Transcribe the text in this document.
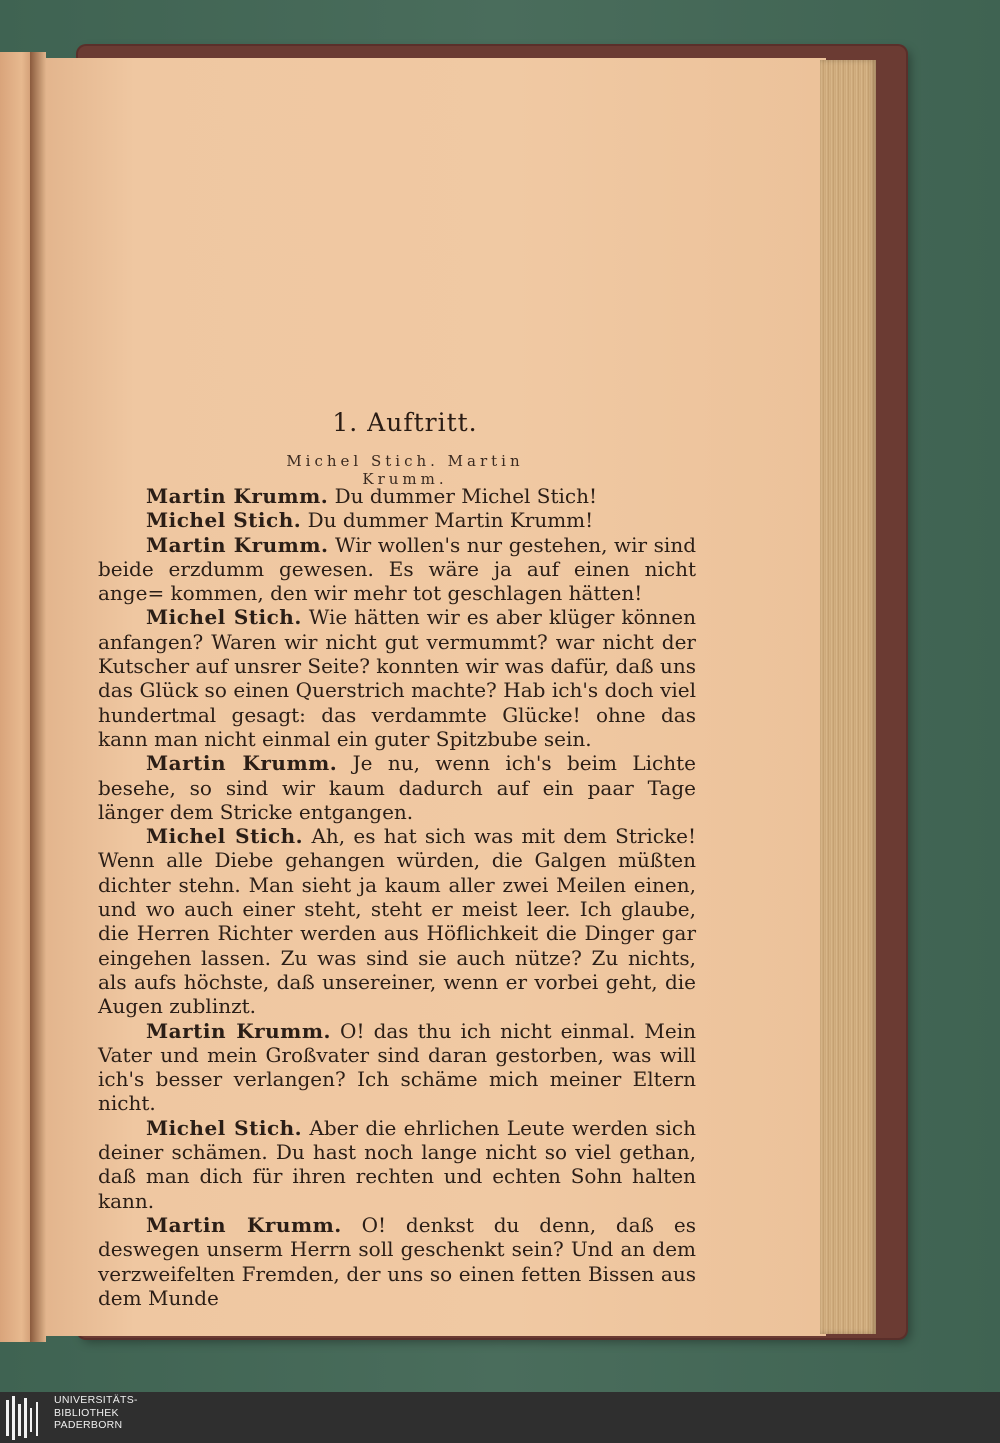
1. Auftritt.
Michel Stich. Martin Krumm.

Martin Krumm. Du dummer Michel Stich!

Michel Stich. Du dummer Martin Krumm!

Martin Krumm. Wir wollen's nur gestehen, wir sind beide erzdumm gewesen. Es wäre ja auf einen nicht ange= kommen, den wir mehr tot geschlagen hätten!

Michel Stich. Wie hätten wir es aber klüger können anfangen? Waren wir nicht gut vermummt? war nicht der Kutscher auf unsrer Seite? konnten wir was dafür, daß uns das Glück so einen Querstrich machte? Hab ich's doch viel hundertmal gesagt: das verdammte Glücke! ohne das kann man nicht einmal ein guter Spitzbube sein.

Martin Krumm. Je nu, wenn ich's beim Lichte besehe, so sind wir kaum dadurch auf ein paar Tage länger dem Stricke entgangen.

Michel Stich. Ah, es hat sich was mit dem Stricke! Wenn alle Diebe gehangen würden, die Galgen müßten dichter stehn. Man sieht ja kaum aller zwei Meilen einen, und wo auch einer steht, steht er meist leer. Ich glaube, die Herren Richter werden aus Höflichkeit die Dinger gar eingehen lassen. Zu was sind sie auch nütze? Zu nichts, als aufs höchste, daß unsereiner, wenn er vorbei geht, die Augen zublinzt.

Martin Krumm. O! das thu ich nicht einmal. Mein Vater und mein Großvater sind daran gestorben, was will ich's besser verlangen? Ich schäme mich meiner Eltern nicht.

Michel Stich. Aber die ehrlichen Leute werden sich deiner schämen. Du hast noch lange nicht so viel gethan, daß man dich für ihren rechten und echten Sohn halten kann.

Martin Krumm. O! denkst du denn, daß es deswegen unserm Herrn soll geschenkt sein? Und an dem verzweifelten Fremden, der uns so einen fetten Bissen aus dem Munde

UNIVERSITÄTS-
BIBLIOTHEK
PADERBORN
